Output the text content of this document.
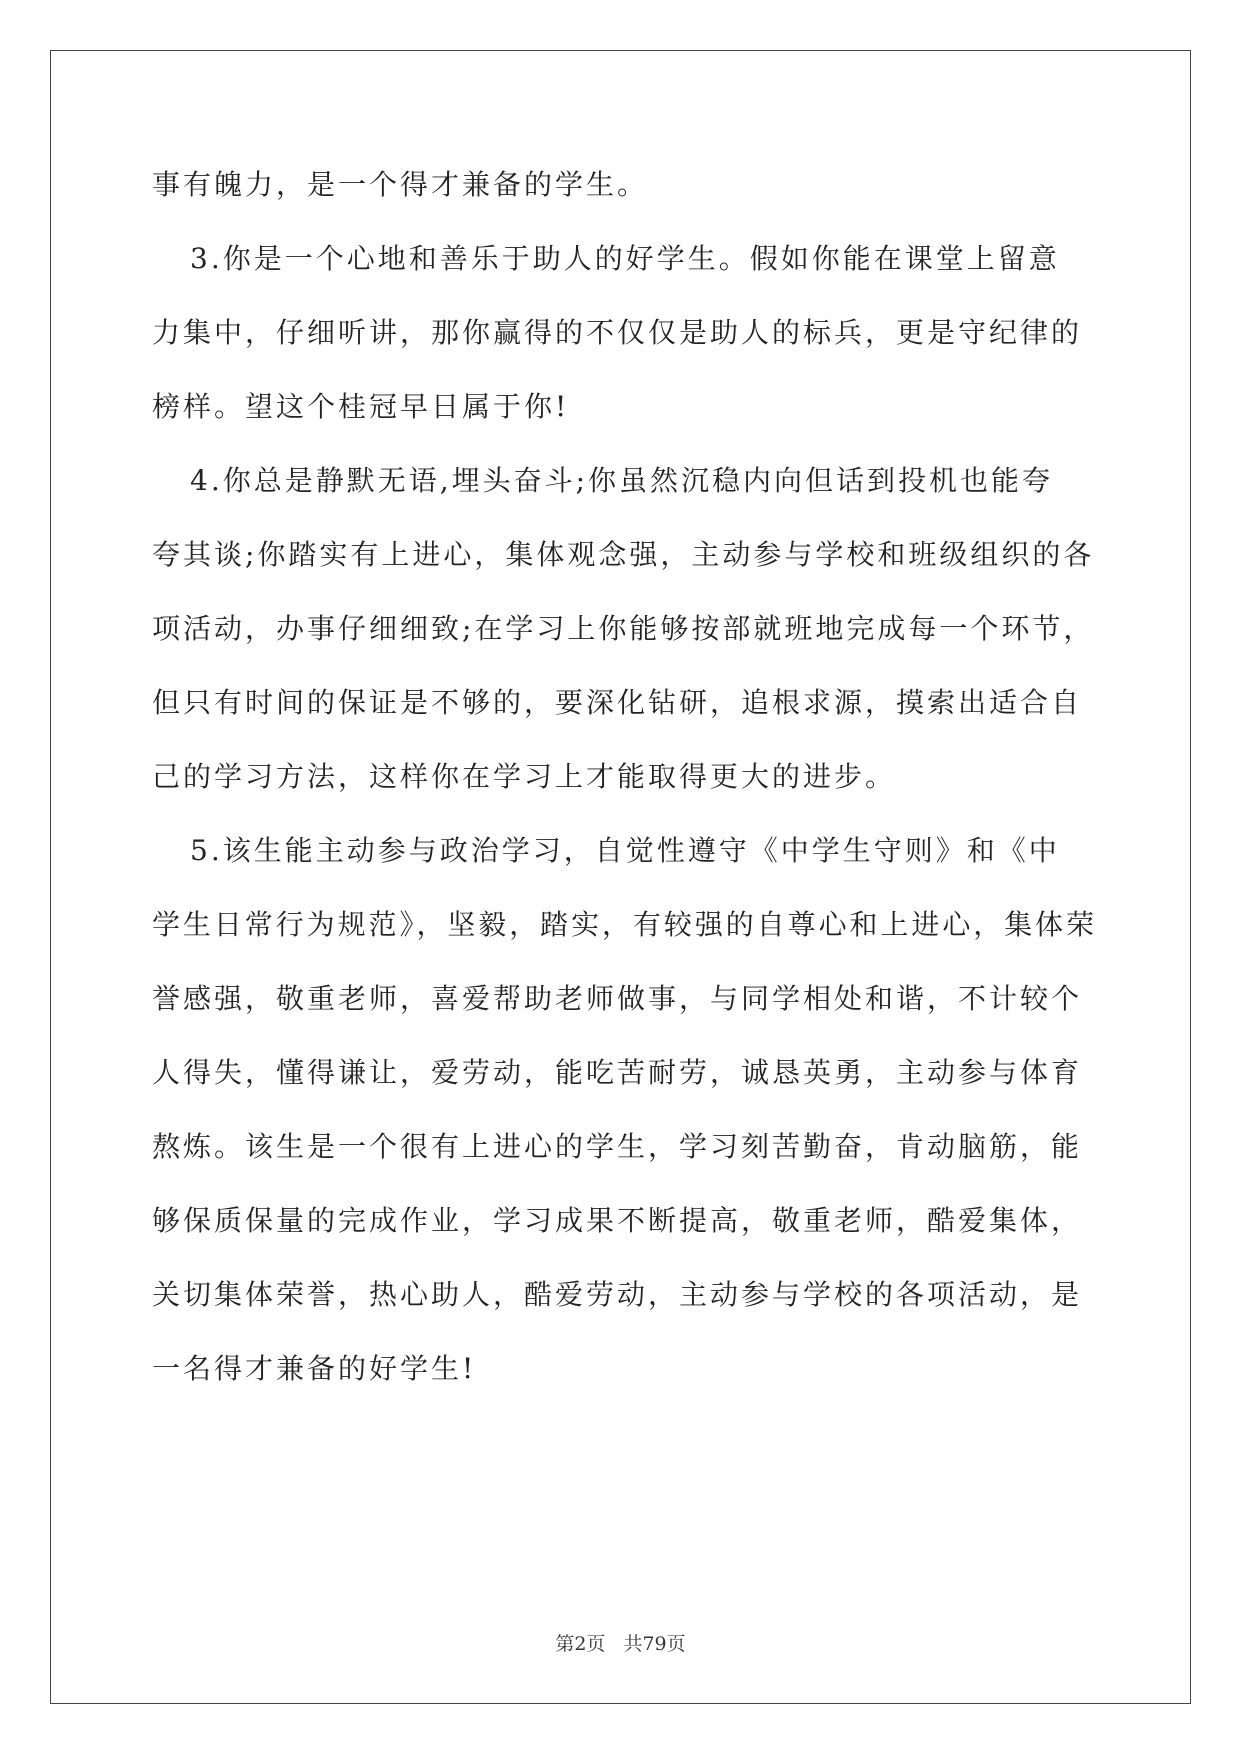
事有魄力，是一个得才兼备的学生。
3.你是一个心地和善乐于助人的好学生。假如你能在课堂上留意
力集中，仔细听讲，那你赢得的不仅仅是助人的标兵，更是守纪律的
榜样。望这个桂冠早日属于你!
4.你总是静默无语,埋头奋斗;你虽然沉稳内向但话到投机也能夸
夸其谈;你踏实有上进心，集体观念强，主动参与学校和班级组织的各
项活动，办事仔细细致;在学习上你能够按部就班地完成每一个环节，
但只有时间的保证是不够的，要深化钻研，追根求源，摸索出适合自
己的学习方法，这样你在学习上才能取得更大的进步。
5.该生能主动参与政治学习，自觉性遵守《中学生守则》和《中
学生日常行为规范》，坚毅，踏实，有较强的自尊心和上进心，集体荣
誉感强，敬重老师，喜爱帮助老师做事，与同学相处和谐，不计较个
人得失，懂得谦让，爱劳动，能吃苦耐劳，诚恳英勇，主动参与体育
熬炼。该生是一个很有上进心的学生，学习刻苦勤奋，肯动脑筋，能
够保质保量的完成作业，学习成果不断提高，敬重老师，酷爱集体，
关切集体荣誉，热心助人，酷爱劳动，主动参与学校的各项活动，是
一名得才兼备的好学生!
第2页 共79页
